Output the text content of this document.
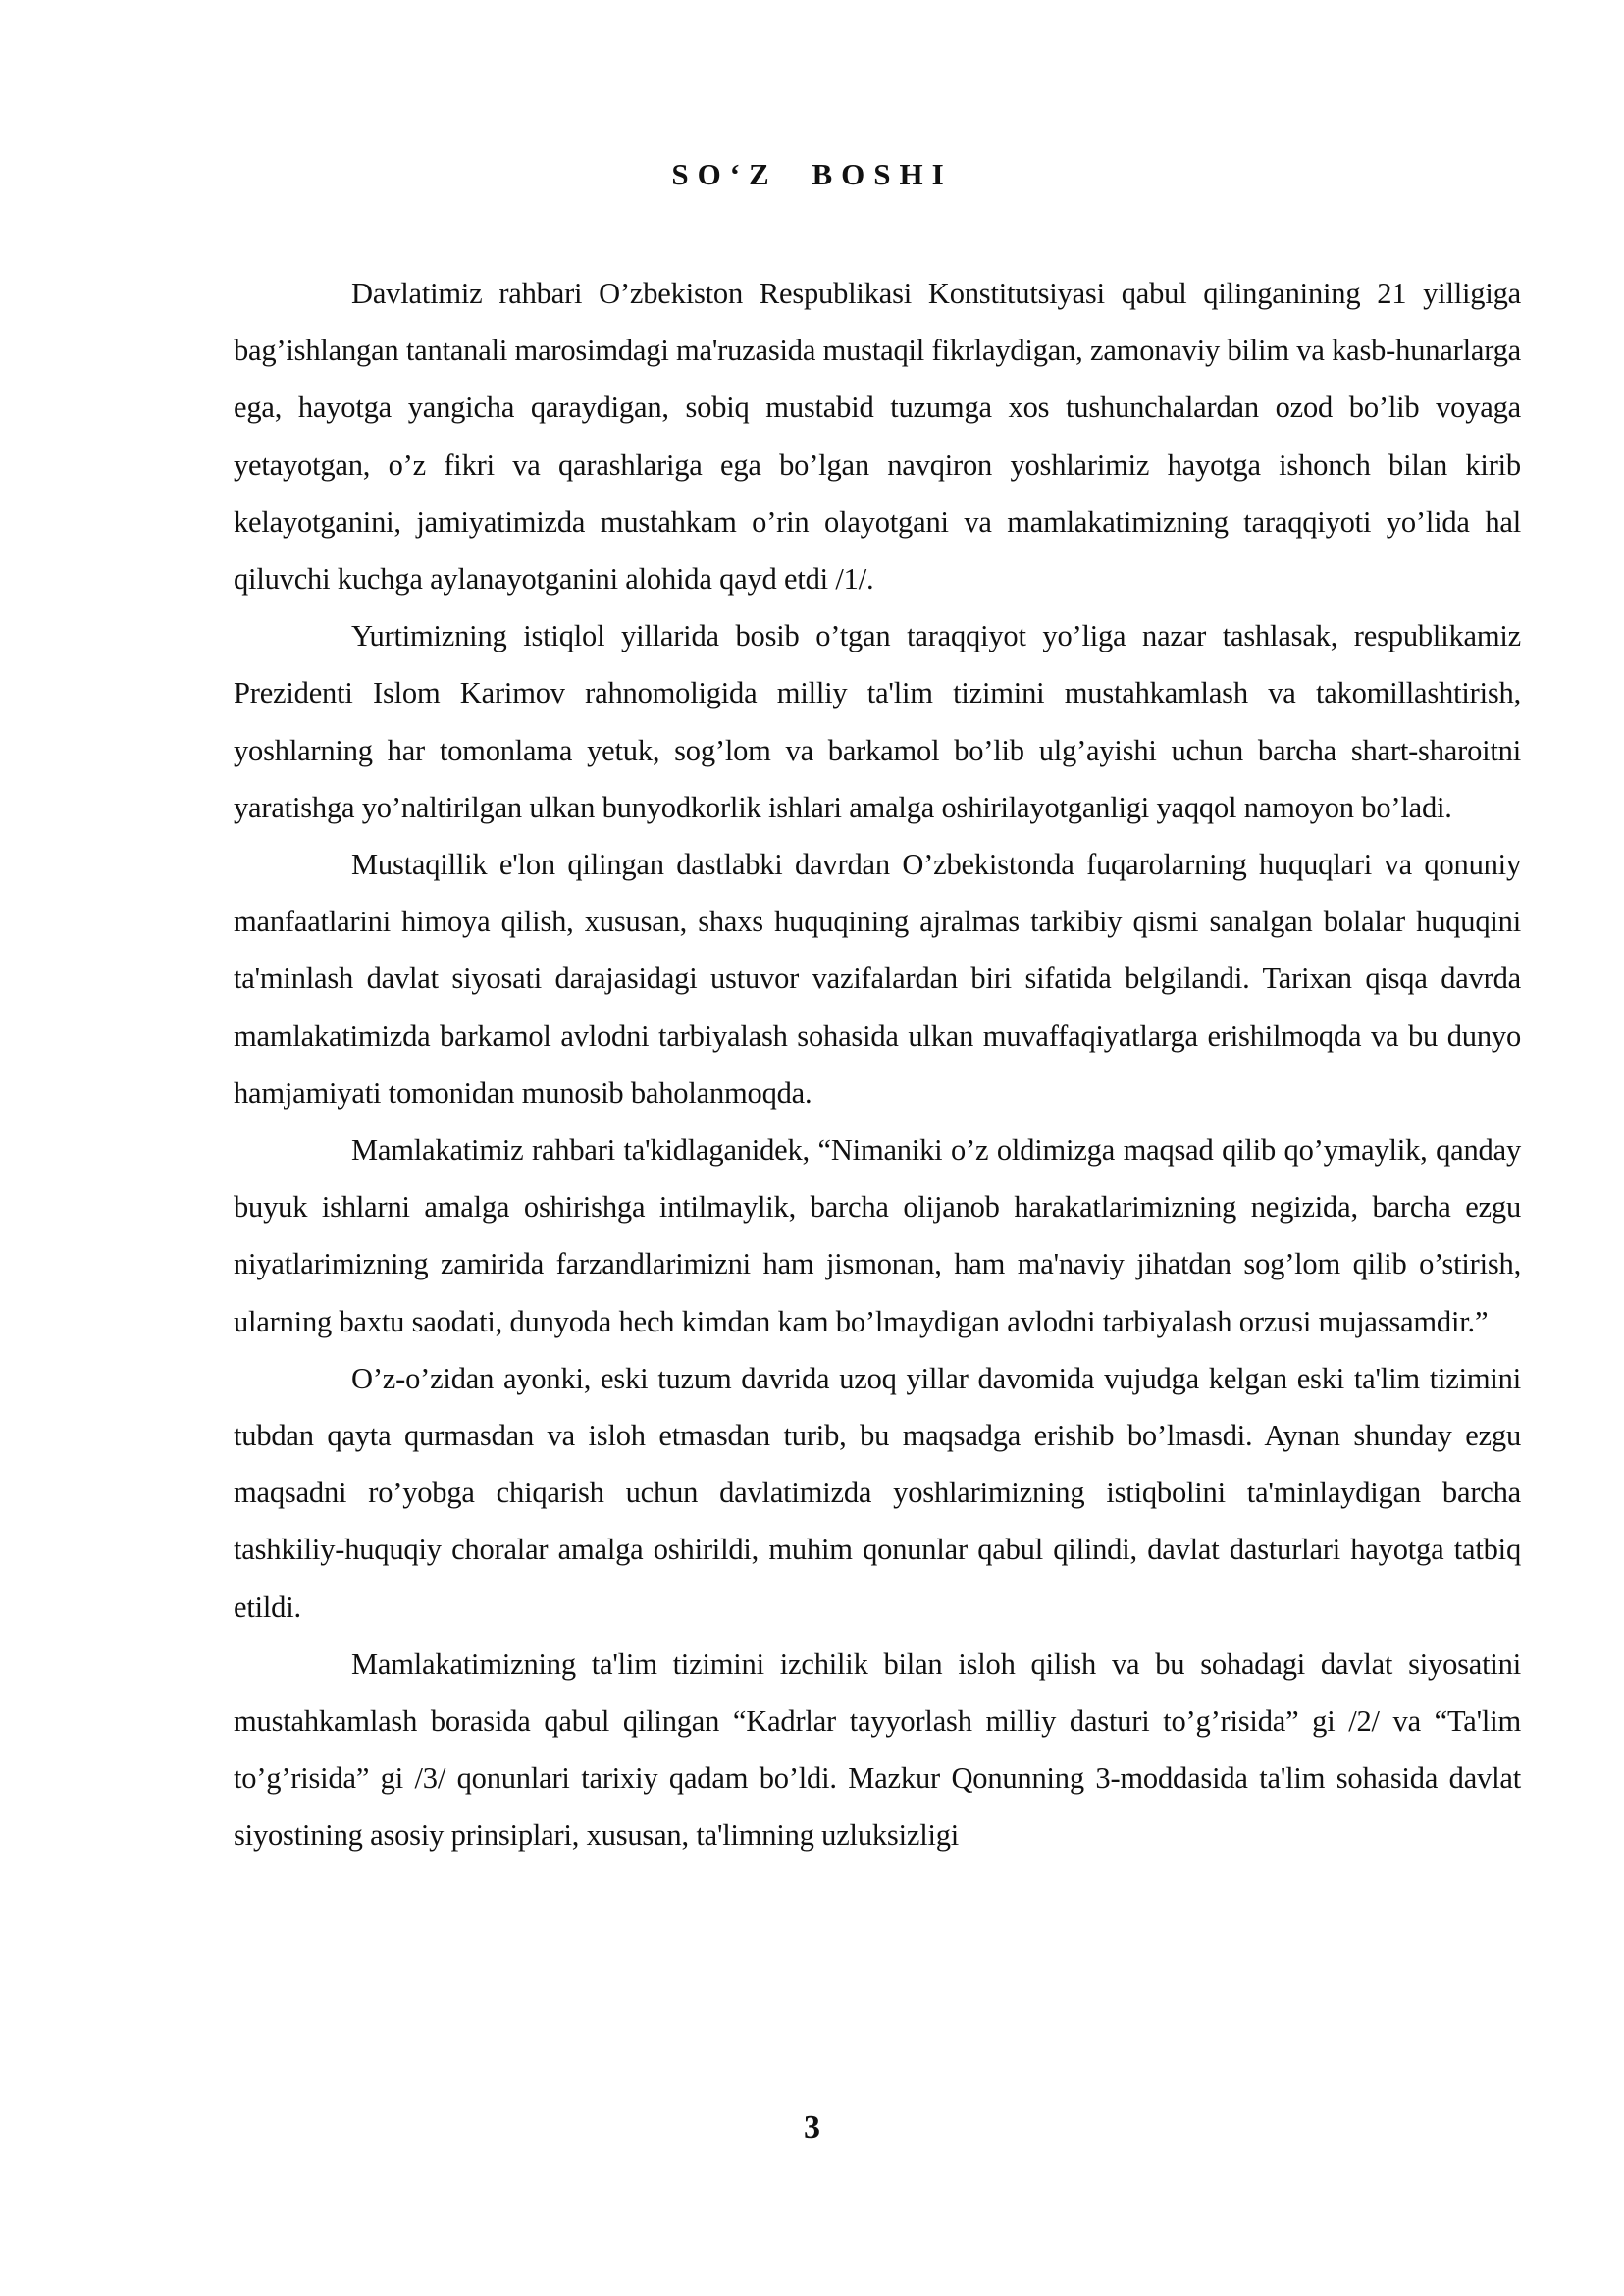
SO‘Z BOSHI

Davlatimiz rahbari O’zbekiston Respublikasi Konstitutsiyasi qabul qilinganining 21 yilligiga bag’ishlangan tantanali marosimdagi ma'ruzasida mustaqil fikrlaydigan, zamonaviy bilim va kasb-hunarlarga ega, hayotga yangicha qaraydigan, sobiq mustabid tuzumga xos tushunchalardan ozod bo’lib voyaga yetayotgan, o’z fikri va qarashlariga ega bo’lgan navqiron yoshlarimiz hayotga ishonch bilan kirib kelayotganini, jamiyatimizda mustahkam o’rin olayotgani va mamlakatimizning taraqqiyoti yo’lida hal qiluvchi kuchga aylanayotganini alohida qayd etdi /1/.

Yurtimizning istiqlol yillarida bosib o’tgan taraqqiyot yo’liga nazar tashlasak, respublikamiz Prezidenti Islom Karimov rahnomoligida milliy ta'lim tizimini mustahkamlash va takomillashtirish, yoshlarning har tomonlama yetuk, sog’lom va barkamol bo’lib ulg’ayishi uchun barcha shart-sharoitni yaratishga yo’naltirilgan ulkan bunyodkorlik ishlari amalga oshirilayotganligi yaqqol namoyon bo’ladi.

Mustaqillik e'lon qilingan dastlabki davrdan O’zbekistonda fuqarolarning huquqlari va qonuniy manfaatlarini himoya qilish, xususan, shaxs huquqining ajralmas tarkibiy qismi sanalgan bolalar huquqini ta'minlash davlat siyosati darajasidagi ustuvor vazifalardan biri sifatida belgilandi. Tarixan qisqa davrda mamlakatimizda barkamol avlodni tarbiyalash sohasida ulkan muvaffaqiyatlarga erishilmoqda va bu dunyo hamjamiyati tomonidan munosib baholanmoqda.

Mamlakatimiz rahbari ta'kidlaganidek, “Nimaniki o’z oldimizga maqsad qilib qo’ymaylik, qanday buyuk ishlarni amalga oshirishga intilmaylik, barcha olijanob harakatlarimizning negizida, barcha ezgu niyatlarimizning zamirida farzandlarimizni ham jismonan, ham ma'naviy jihatdan sog’lom qilib o’stirish, ularning baxtu saodati, dunyoda hech kimdan kam bo’lmaydigan avlodni tarbiyalash orzusi mujassamdir.”

O’z-o’zidan ayonki, eski tuzum davrida uzoq yillar davomida vujudga kelgan eski ta'lim tizimini tubdan qayta qurmasdan va isloh etmasdan turib, bu maqsadga erishib bo’lmasdi. Aynan shunday ezgu maqsadni ro’yobga chiqarish uchun davlatimizda yoshlarimizning istiqbolini ta'minlaydigan barcha tashkiliy-huquqiy choralar amalga oshirildi, muhim qonunlar qabul qilindi, davlat dasturlari hayotga tatbiq etildi.

Mamlakatimizning ta'lim tizimini izchilik bilan isloh qilish va bu sohadagi davlat siyosatini mustahkamlash borasida qabul qilingan “Kadrlar tayyorlash milliy dasturi to’g’risida” gi /2/ va “Ta'lim to’g’risida” gi /3/ qonunlari tarixiy qadam bo’ldi. Mazkur Qonunning 3-moddasida ta'lim sohasida davlat siyostining asosiy prinsiplari, xususan, ta'limning uzluksizligi

3
